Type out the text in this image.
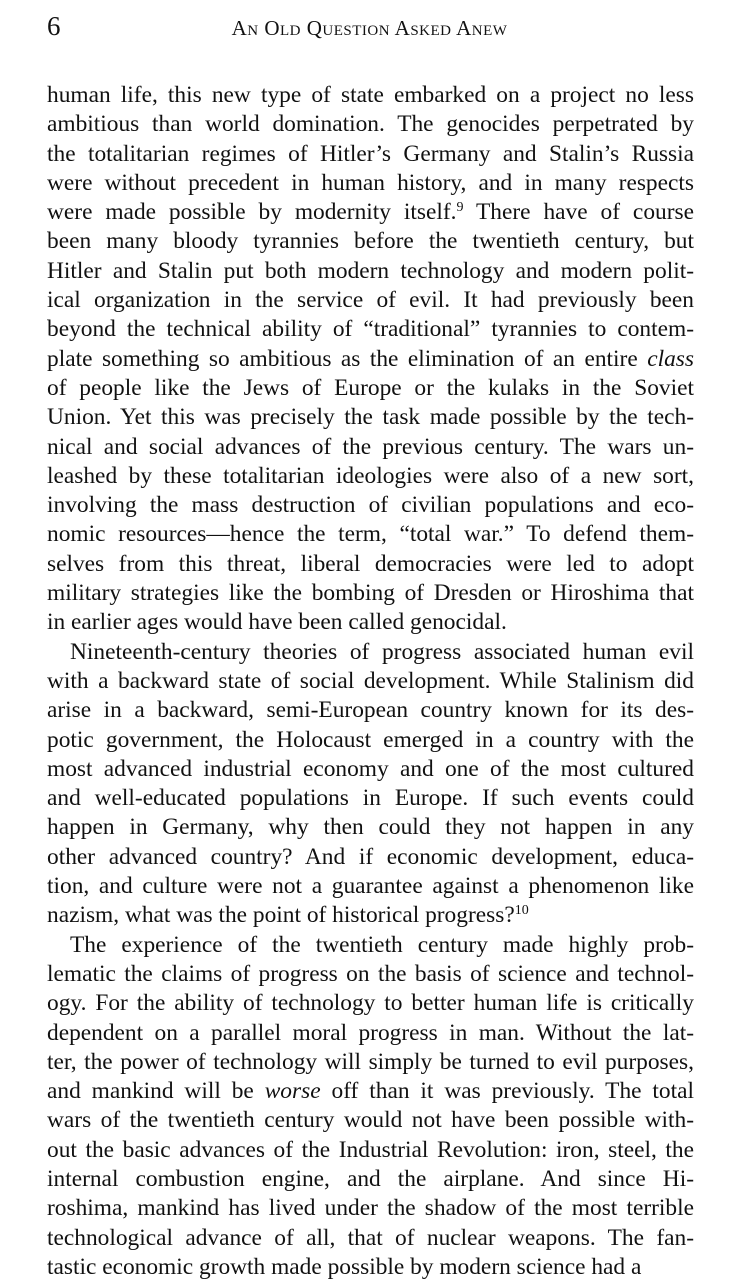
6	An Old Question Asked Anew
human life, this new type of state embarked on a project no less
ambitious than world domination. The genocides perpetrated by
the totalitarian regimes of Hitler’s Germany and Stalin’s Russia
were without precedent in human history, and in many respects
were made possible by modernity itself.$^9$ There have of course
been many bloody tyrannies before the twentieth century, but
Hitler and Stalin put both modern technology and modern polit-
ical organization in the service of evil. It had previously been
beyond the technical ability of “traditional” tyrannies to contem-
plate something so ambitious as the elimination of an entire class
of people like the Jews of Europe or the kulaks in the Soviet
Union. Yet this was precisely the task made possible by the tech-
nical and social advances of the previous century. The wars un-
leashed by these totalitarian ideologies were also of a new sort,
involving the mass destruction of civilian populations and eco-
nomic resources—hence the term, “total war.” To defend them-
selves from this threat, liberal democracies were led to adopt
military strategies like the bombing of Dresden or Hiroshima that
in earlier ages would have been called genocidal.
Nineteenth-century theories of progress associated human evil
with a backward state of social development. While Stalinism did
arise in a backward, semi-European country known for its des-
potic government, the Holocaust emerged in a country with the
most advanced industrial economy and one of the most cultured
and well-educated populations in Europe. If such events could
happen in Germany, why then could they not happen in any
other advanced country? And if economic development, educa-
tion, and culture were not a guarantee against a phenomenon like
nazism, what was the point of historical progress?$^{10}$
The experience of the twentieth century made highly prob-
lematic the claims of progress on the basis of science and technol-
ogy. For the ability of technology to better human life is critically
dependent on a parallel moral progress in man. Without the lat-
ter, the power of technology will simply be turned to evil purposes,
and mankind will be worse off than it was previously. The total
wars of the twentieth century would not have been possible with-
out the basic advances of the Industrial Revolution: iron, steel, the
internal combustion engine, and the airplane. And since Hi-
roshima, mankind has lived under the shadow of the most terrible
technological advance of all, that of nuclear weapons. The fan-
tastic economic growth made possible by modern science had a
